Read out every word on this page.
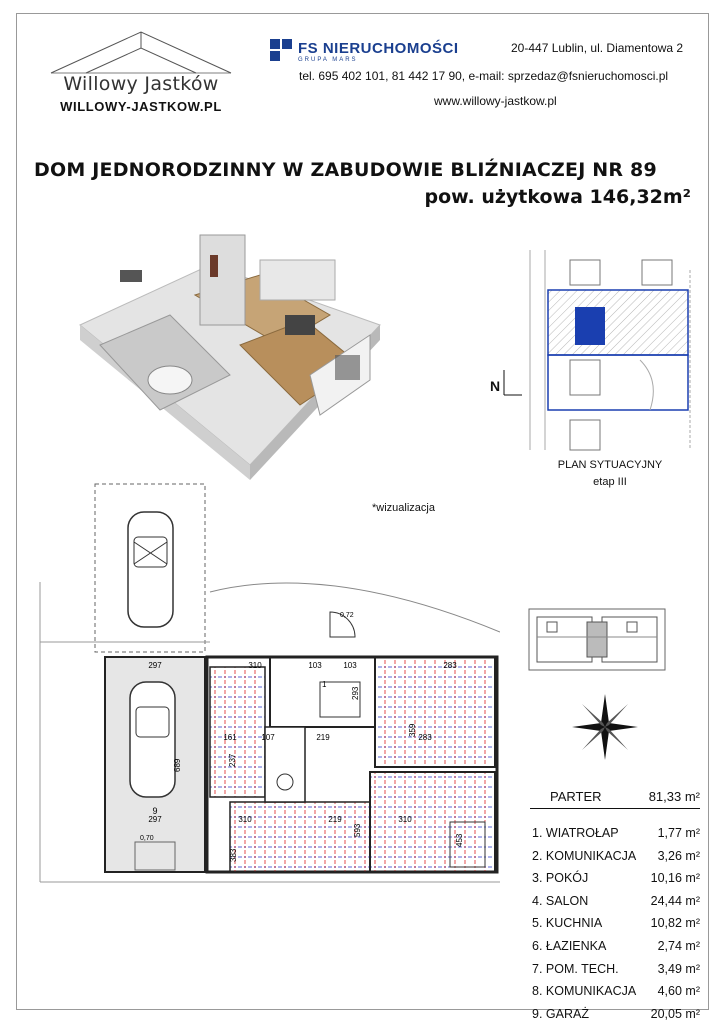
Willowy Jastków
WILLOWY-JASTKOW.PL
FS NIERUCHOMOŚCI
GRUPA MARS
20-447 Lublin, ul. Diamentowa 2
tel. 695 402 101, 81 442 17 90, e-mail: sprzedaz@fsnieruchomosci.pl
www.willowy-jastkow.pl
DOM JEDNORODZINNY W ZABUDOWIE BLIŹNIACZEJ NR 89
pow. użytkowa 146,32m²
*wizualizacja
N
PLAN SYTUACYJNY
etap III
9
297	310	103	103	283
161	107	219	283
297	310	219	310
0,72
0,70
689	237
293
359
383
593
453
1
PARTER	81,33 m²
1. WIATROŁAP	1,77 m²
2. KOMUNIKACJA 3,26 m²
3. POKÓJ	10,16 m²
4. SALON	24,44 m²
5. KUCHNIA	10,82 m²
6. ŁAZIENKA	2,74 m²
7. POM. TECH.	3,49 m²
8. KOMUNIKACJA 4,60 m²
9. GARAŻ	20,05 m²
